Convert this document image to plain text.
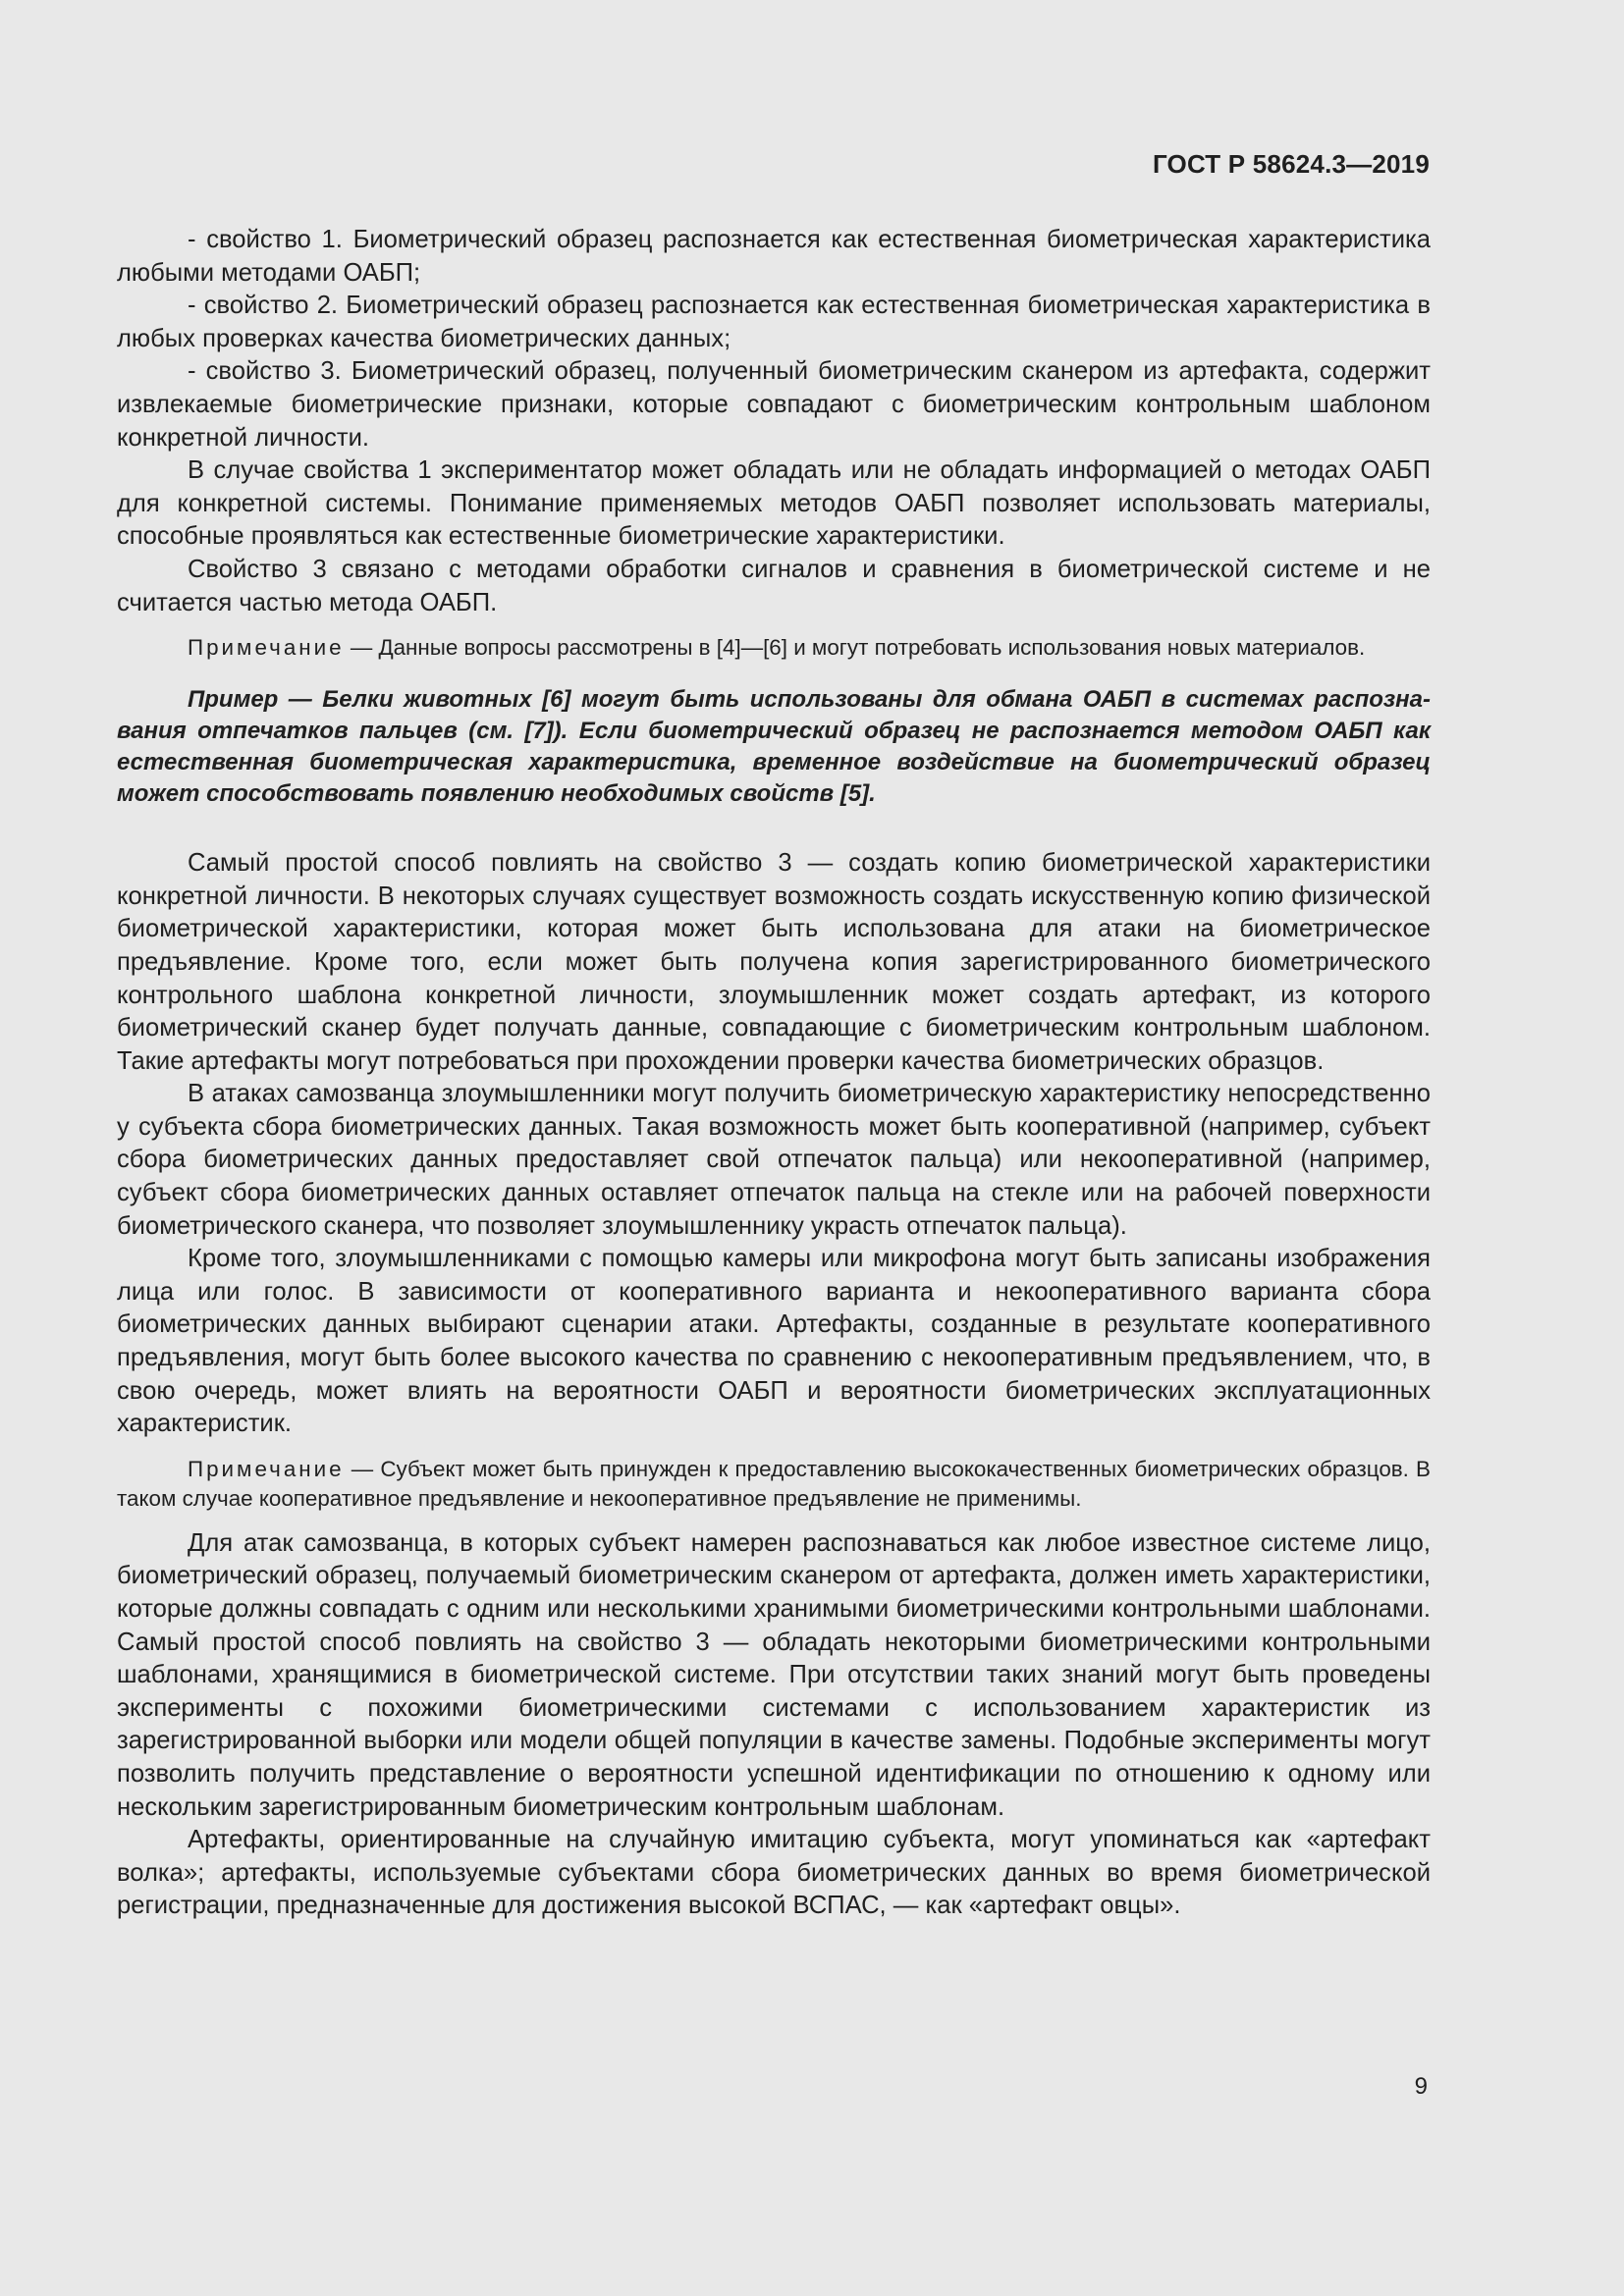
ГОСТ Р 58624.3—2019

- свойство 1. Биометрический образец распознается как естественная биометрическая характеристика любыми методами ОАБП;

- свойство 2. Биометрический образец распознается как естественная биометрическая характеристика в любых проверках качества биометрических данных;

- свойство 3. Биометрический образец, полученный биометрическим сканером из артефакта, содержит извлекаемые биометрические признаки, которые совпадают с биометрическим контрольным шаблоном конкретной личности.

В случае свойства 1 экспериментатор может обладать или не обладать информацией о методах ОАБП для конкретной системы. Понимание применяемых методов ОАБП позволяет использовать материалы, способные проявляться как естественные биометрические характеристики.

Свойство 3 связано с методами обработки сигналов и сравнения в биометрической системе и не считается частью метода ОАБП.

Примечание — Данные вопросы рассмотрены в [4]—[6] и могут потребовать использования новых материалов.

Пример — Белки животных [6] могут быть использованы для обмана ОАБП в системах распознавания отпечатков пальцев (см. [7]). Если биометрический образец не распознается методом ОАБП как естественная биометрическая характеристика, временное воздействие на биометрический образец может способствовать появлению необходимых свойств [5].

Самый простой способ повлиять на свойство 3 — создать копию биометрической характеристики конкретной личности. В некоторых случаях существует возможность создать искусственную копию физической биометрической характеристики, которая может быть использована для атаки на биометрическое предъявление. Кроме того, если может быть получена копия зарегистрированного биометрического контрольного шаблона конкретной личности, злоумышленник может создать артефакт, из которого биометрический сканер будет получать данные, совпадающие с биометрическим контрольным шаблоном. Такие артефакты могут потребоваться при прохождении проверки качества биометрических образцов.

В атаках самозванца злоумышленники могут получить биометрическую характеристику непосредственно у субъекта сбора биометрических данных. Такая возможность может быть кооперативной (например, субъект сбора биометрических данных предоставляет свой отпечаток пальца) или некооперативной (например, субъект сбора биометрических данных оставляет отпечаток пальца на стекле или на рабочей поверхности биометрического сканера, что позволяет злоумышленнику украсть отпечаток пальца).

Кроме того, злоумышленниками с помощью камеры или микрофона могут быть записаны изображения лица или голос. В зависимости от кооперативного варианта и некооперативного варианта сбора биометрических данных выбирают сценарии атаки. Артефакты, созданные в результате кооперативного предъявления, могут быть более высокого качества по сравнению с некооперативным предъявлением, что, в свою очередь, может влиять на вероятности ОАБП и вероятности биометрических эксплуатационных характеристик.

Примечание — Субъект может быть принужден к предоставлению высококачественных биометрических образцов. В таком случае кооперативное предъявление и некооперативное предъявление не применимы.

Для атак самозванца, в которых субъект намерен распознаваться как любое известное системе лицо, биометрический образец, получаемый биометрическим сканером от артефакта, должен иметь характеристики, которые должны совпадать с одним или несколькими хранимыми биометрическими контрольными шаблонами. Самый простой способ повлиять на свойство 3 — обладать некоторыми биометрическими контрольными шаблонами, хранящимися в биометрической системе. При отсутствии таких знаний могут быть проведены эксперименты с похожими биометрическими системами с использованием характеристик из зарегистрированной выборки или модели общей популяции в качестве замены. Подобные эксперименты могут позволить получить представление о вероятности успешной идентификации по отношению к одному или нескольким зарегистрированным биометрическим контрольным шаблонам.

Артефакты, ориентированные на случайную имитацию субъекта, могут упоминаться как «артефакт волка»; артефакты, используемые субъектами сбора биометрических данных во время биометрической регистрации, предназначенные для достижения высокой ВСПАС, — как «артефакт овцы».

9
